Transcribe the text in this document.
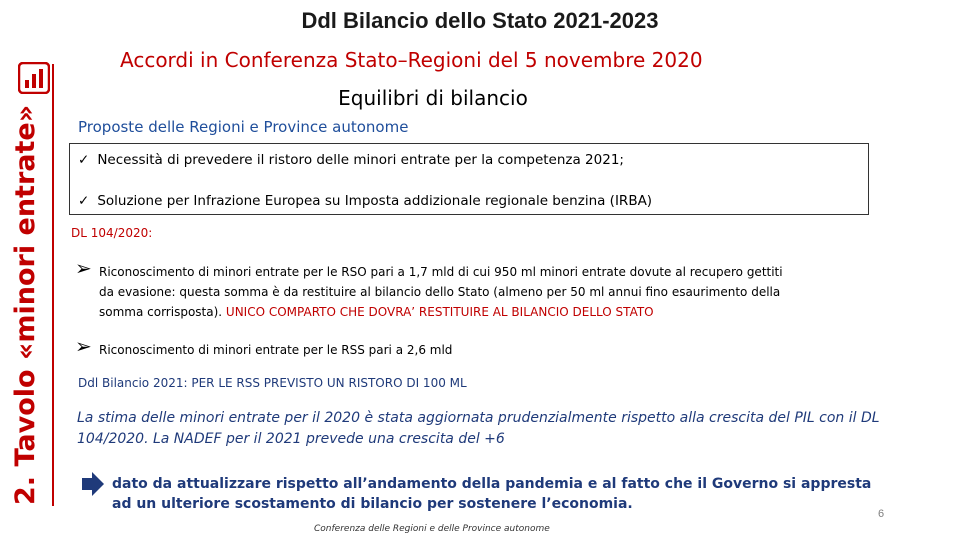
2. Tavolo «minori entrate»
Ddl Bilancio dello Stato 2021-2023
Accordi in Conferenza Stato–Regioni del 5 novembre 2020
Equilibri di bilancio
Proposte delle Regioni e Province autonome
✓ Necessità di prevedere il ristoro delle minori entrate per la competenza 2021;
✓ Soluzione per Infrazione Europea su Imposta addizionale regionale benzina (IRBA)
DL 104/2020:
➢ Riconoscimento di minori entrate per le RSO pari a 1,7 mld di cui 950 ml minori entrate dovute al recupero gettiti
da evasione: questa somma è da restituire al bilancio dello Stato (almeno per 50 ml annui fino esaurimento della
somma corrisposta). UNICO COMPARTO CHE DOVRA’ RESTITUIRE AL BILANCIO DELLO STATO
➢ Riconoscimento di minori entrate per le RSS pari a 2,6 mld
Ddl Bilancio 2021: PER LE RSS PREVISTO UN RISTORO DI 100 ML
La stima delle minori entrate per il 2020 è stata aggiornata prudenzialmente rispetto alla crescita del PIL con il DL 104/2020. La NADEF per il 2021 prevede una crescita del +6
dato da attualizzare rispetto all’andamento della pandemia e al fatto che il Governo si appresta ad un ulteriore scostamento di bilancio per sostenere l’economia.
Conferenza delle Regioni e delle Province autonome
6
